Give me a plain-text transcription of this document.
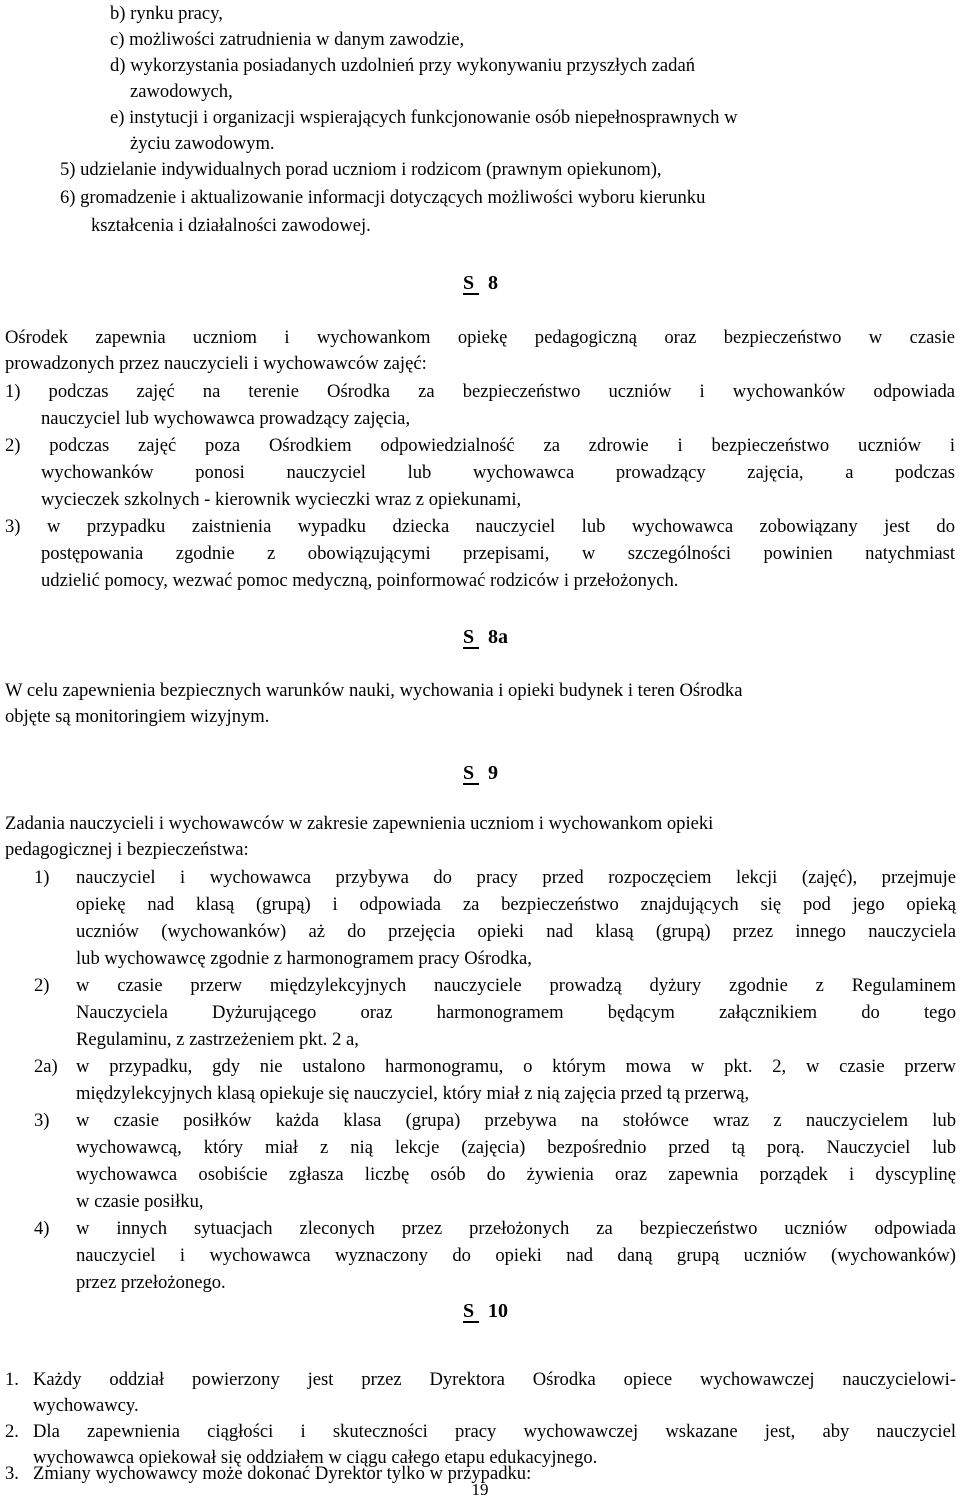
b) rynku pracy,
c) możliwości zatrudnienia w danym zawodzie,
d) wykorzystania posiadanych uzdolnień przy wykonywaniu przyszłych zadań
zawodowych,
e) instytucji i organizacji wspierających funkcjonowanie osób niepełnosprawnych w
życiu zawodowym.
5) udzielanie indywidualnych porad uczniom i rodzicom (prawnym opiekunom),
6) gromadzenie i aktualizowanie informacji dotyczących możliwości wyboru kierunku
kształcenia i działalności zawodowej.
S 8
Ośrodek zapewnia uczniom i wychowankom opiekę pedagogiczną oraz bezpieczeństwo w czasie
prowadzonych przez nauczycieli i wychowawców zajęć:
1) podczas zajęć na terenie Ośrodka za bezpieczeństwo uczniów i wychowanków odpowiada
nauczyciel lub wychowawca prowadzący zajęcia,
2) podczas zajęć poza Ośrodkiem odpowiedzialność za zdrowie i bezpieczeństwo uczniów i
wychowanków ponosi nauczyciel lub wychowawca prowadzący zajęcia, a podczas
wycieczek szkolnych - kierownik wycieczki wraz z opiekunami,
3) w przypadku zaistnienia wypadku dziecka nauczyciel lub wychowawca zobowiązany jest do
postępowania zgodnie z obowiązującymi przepisami, w szczególności powinien natychmiast
udzielić pomocy, wezwać pomoc medyczną, poinformować rodziców i przełożonych.
S 8a
W celu zapewnienia bezpiecznych warunków nauki, wychowania i opieki budynek i teren Ośrodka
objęte są monitoringiem wizyjnym.
S 9
Zadania nauczycieli i wychowawców w zakresie zapewnienia uczniom i wychowankom opieki
pedagogicznej i bezpieczeństwa:
1) nauczyciel i wychowawca przybywa do pracy przed rozpoczęciem lekcji (zajęć), przejmuje
opiekę nad klasą (grupą) i odpowiada za bezpieczeństwo znajdujących się pod jego opieką
uczniów (wychowanków) aż do przejęcia opieki nad klasą (grupą) przez innego nauczyciela
lub wychowawcę zgodnie z harmonogramem pracy Ośrodka,
2) w czasie przerw międzylekcyjnych nauczyciele prowadzą dyżury zgodnie z Regulaminem
Nauczyciela Dyżurującego oraz harmonogramem będącym załącznikiem do tego
Regulaminu, z zastrzeżeniem pkt. 2 a,
2a) w przypadku, gdy nie ustalono harmonogramu, o którym mowa w pkt. 2, w czasie przerw
międzylekcyjnych klasą opiekuje się nauczyciel, który miał z nią zajęcia przed tą przerwą,
3) w czasie posiłków każda klasa (grupa) przebywa na stołówce wraz z nauczycielem lub
wychowawcą, który miał z nią lekcje (zajęcia) bezpośrednio przed tą porą. Nauczyciel lub
wychowawca osobiście zgłasza liczbę osób do żywienia oraz zapewnia porządek i dyscyplinę
w czasie posiłku,
4) w innych sytuacjach zleconych przez przełożonych za bezpieczeństwo uczniów odpowiada
nauczyciel i wychowawca wyznaczony do opieki nad daną grupą uczniów (wychowanków)
przez przełożonego.
S 10
1. Każdy oddział powierzony jest przez Dyrektora Ośrodka opiece wychowawczej nauczycielowi-
wychowawcy.
2. Dla zapewnienia ciągłości i skuteczności pracy wychowawczej wskazane jest, aby nauczyciel
wychowawca opiekował się oddziałem w ciągu całego etapu edukacyjnego.
3. Zmiany wychowawcy może dokonać Dyrektor tylko w przypadku:
19
